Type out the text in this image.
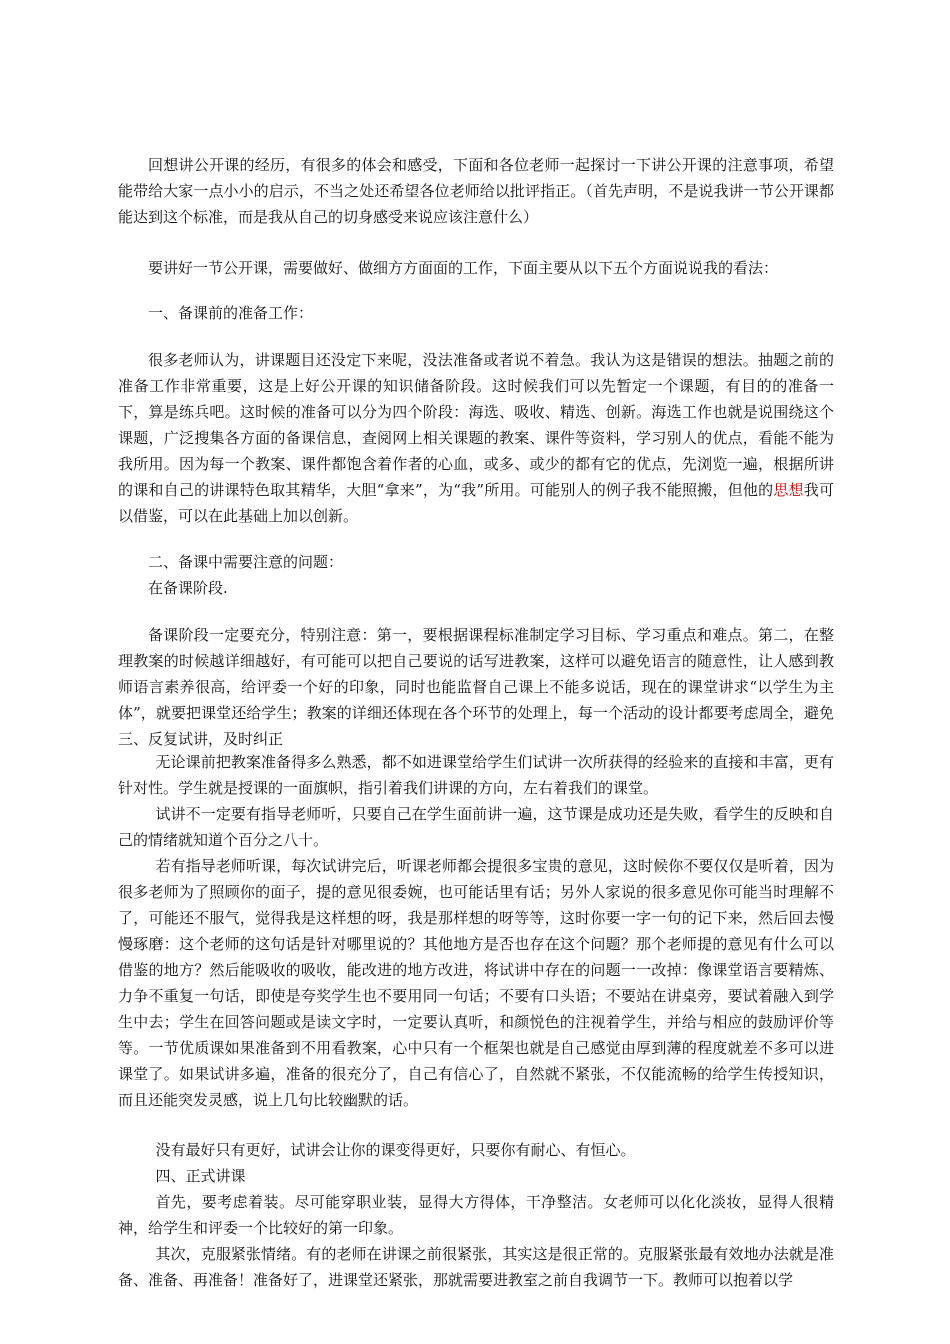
回想讲公开课的经历，有很多的体会和感受，下面和各位老师一起探讨一下讲公开课的注意事项，希望能带给大家一点小小的启示，不当之处还希望各位老师给以批评指正。（首先声明，不是说我讲一节公开课都能达到这个标准，而是我从自己的切身感受来说应该注意什么）

要讲好一节公开课，需要做好、做细方方面面的工作，下面主要从以下五个方面说说我的看法：

一、备课前的准备工作：

很多老师认为，讲课题目还没定下来呢，没法准备或者说不着急。我认为这是错误的想法。抽题之前的准备工作非常重要，这是上好公开课的知识储备阶段。这时候我们可以先暂定一个课题，有目的的准备一下，算是练兵吧。这时候的准备可以分为四个阶段：海选、吸收、精选、创新。海选工作也就是说围绕这个课题，广泛搜集各方面的备课信息，查阅网上相关课题的教案、课件等资料，学习别人的优点，看能不能为我所用。因为每一个教案、课件都饱含着作者的心血，或多、或少的都有它的优点，先浏览一遍，根据所讲的课和自己的讲课特色取其精华，大胆“拿来”，为“我”所用。可能别人的例子我不能照搬，但他的思想我可以借鉴，可以在此基础上加以创新。

二、备课中需要注意的问题：

在备课阶段.

备课阶段一定要充分，特别注意：第一，要根据课程标准制定学习目标、学习重点和难点。第二，在整理教案的时候越详细越好，有可能可以把自己要说的话写进教案，这样可以避免语言的随意性，让人感到教师语言素养很高，给评委一个好的印象，同时也能监督自己课上不能多说话，现在的课堂讲求“以学生为主体”，就要把课堂还给学生；教案的详细还体现在各个环节的处理上，每一个活动的设计都要考虑周全，避免三、反复试讲，及时纠正

无论课前把教案准备得多么熟悉，都不如进课堂给学生们试讲一次所获得的经验来的直接和丰富，更有针对性。学生就是授课的一面旗帜，指引着我们讲课的方向，左右着我们的课堂。

试讲不一定要有指导老师听，只要自己在学生面前讲一遍，这节课是成功还是失败，看学生的反映和自己的情绪就知道个百分之八十。

若有指导老师听课，每次试讲完后，听课老师都会提很多宝贵的意见，这时候你不要仅仅是听着，因为很多老师为了照顾你的面子，提的意见很委婉，也可能话里有话；另外人家说的很多意见你可能当时理解不了，可能还不服气，觉得我是这样想的呀，我是那样想的呀等等，这时你要一字一句的记下来，然后回去慢慢琢磨：这个老师的这句话是针对哪里说的？其他地方是否也存在这个问题？那个老师提的意见有什么可以借鉴的地方？然后能吸收的吸收，能改进的地方改进，将试讲中存在的问题一一改掉：像课堂语言要精炼、力争不重复一句话，即使是夸奖学生也不要用同一句话；不要有口头语；不要站在讲桌旁，要试着融入到学生中去；学生在回答问题或是读文字时，一定要认真听，和颜悦色的注视着学生，并给与相应的鼓励评价等等。一节优质课如果准备到不用看教案，心中只有一个框架也就是自己感觉由厚到薄的程度就差不多可以进课堂了。如果试讲多遍，准备的很充分了，自己有信心了，自然就不紧张，不仅能流畅的给学生传授知识，而且还能突发灵感，说上几句比较幽默的话。

没有最好只有更好，试讲会让你的课变得更好，只要你有耐心、有恒心。

四、正式讲课

首先，要考虑着装。尽可能穿职业装，显得大方得体，干净整洁。女老师可以化化淡妆，显得人很精神，给学生和评委一个比较好的第一印象。

其次，克服紧张情绪。有的老师在讲课之前很紧张，其实这是很正常的。克服紧张最有效地办法就是准备、准备、再准备！准备好了，进课堂还紧张，那就需要进教室之前自我调节一下。教师可以抱着以学
